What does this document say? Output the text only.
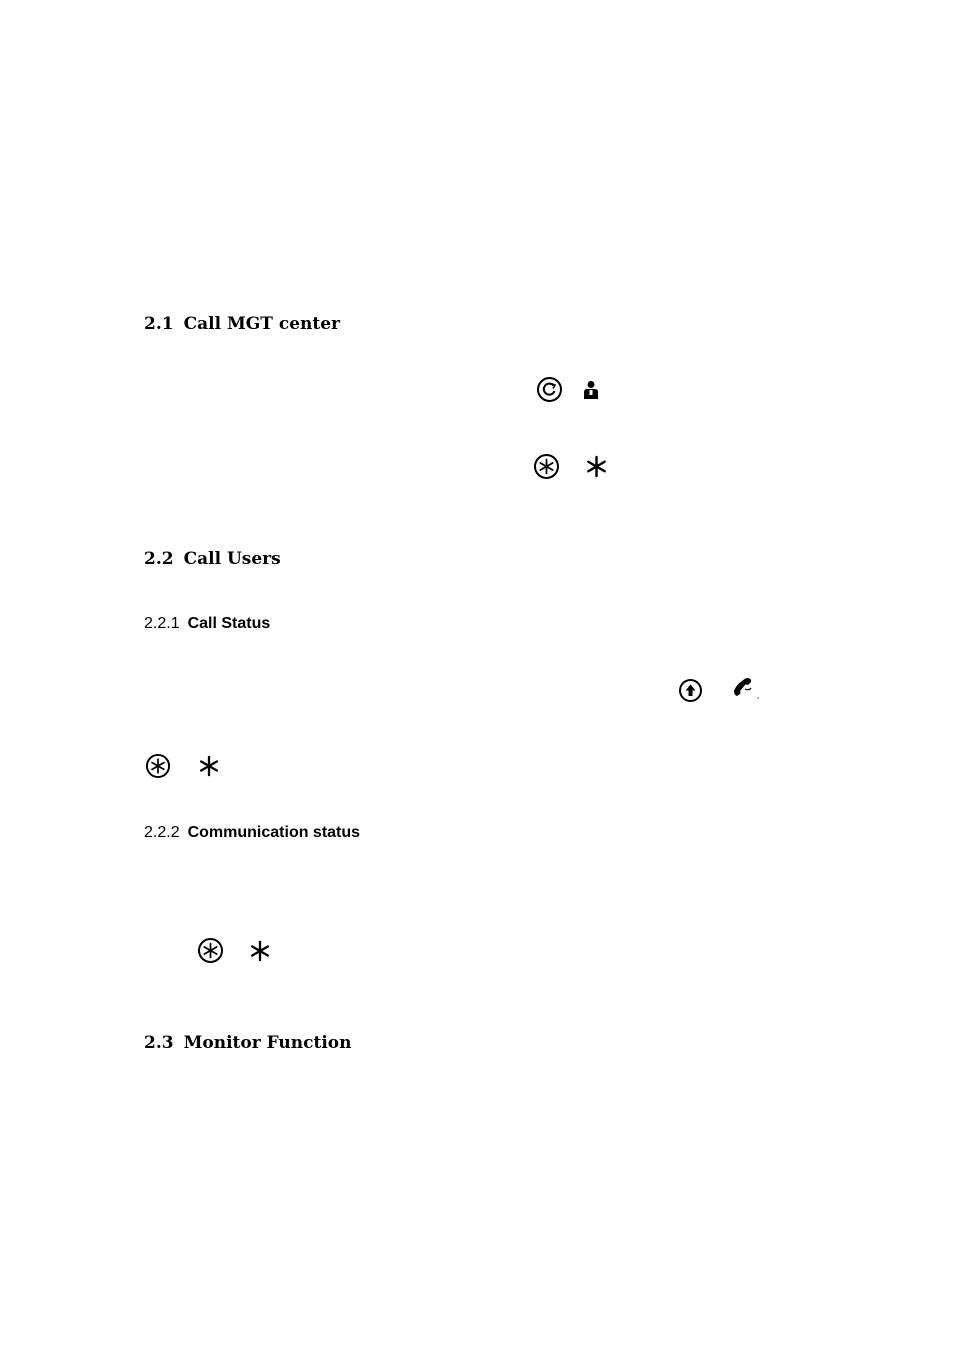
2.1 Call MGT center
2.2 Call Users
2.2.1 Call Status
,
2.2.2 Communication status
2.3 Monitor Function
